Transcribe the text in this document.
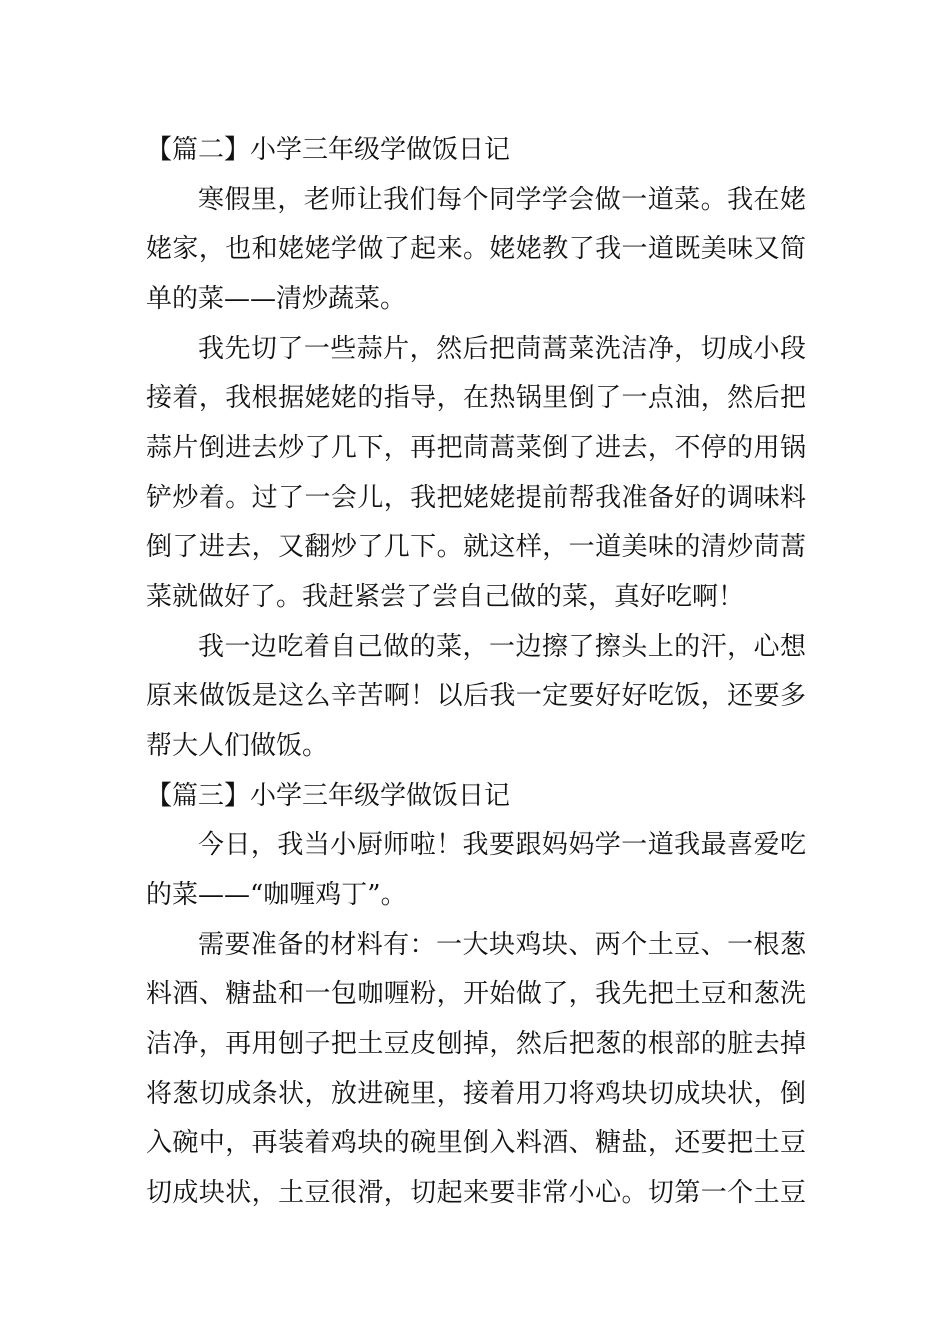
【篇二】小学三年级学做饭日记
寒假里，老师让我们每个同学学会做一道菜。我在姥
姥家，也和姥姥学做了起来。姥姥教了我一道既美味又简
单的菜——清炒蔬菜。
我先切了一些蒜片，然后把茼蒿菜洗洁净，切成小段
接着，我根据姥姥的指导，在热锅里倒了一点油，然后把
蒜片倒进去炒了几下，再把茼蒿菜倒了进去，不停的用锅
铲炒着。过了一会儿，我把姥姥提前帮我准备好的调味料
倒了进去，又翻炒了几下。就这样，一道美味的清炒茼蒿
菜就做好了。我赶紧尝了尝自己做的菜，真好吃啊！
我一边吃着自己做的菜，一边擦了擦头上的汗，心想
原来做饭是这么辛苦啊！以后我一定要好好吃饭，还要多
帮大人们做饭。
【篇三】小学三年级学做饭日记
今日，我当小厨师啦！我要跟妈妈学一道我最喜爱吃
的菜——“咖喱鸡丁”。
需要准备的材料有：一大块鸡块、两个土豆、一根葱
料酒、糖盐和一包咖喱粉，开始做了，我先把土豆和葱洗
洁净，再用刨子把土豆皮刨掉，然后把葱的根部的脏去掉
将葱切成条状，放进碗里，接着用刀将鸡块切成块状，倒
入碗中，再装着鸡块的碗里倒入料酒、糖盐，还要把土豆
切成块状，土豆很滑，切起来要非常小心。切第一个土豆
